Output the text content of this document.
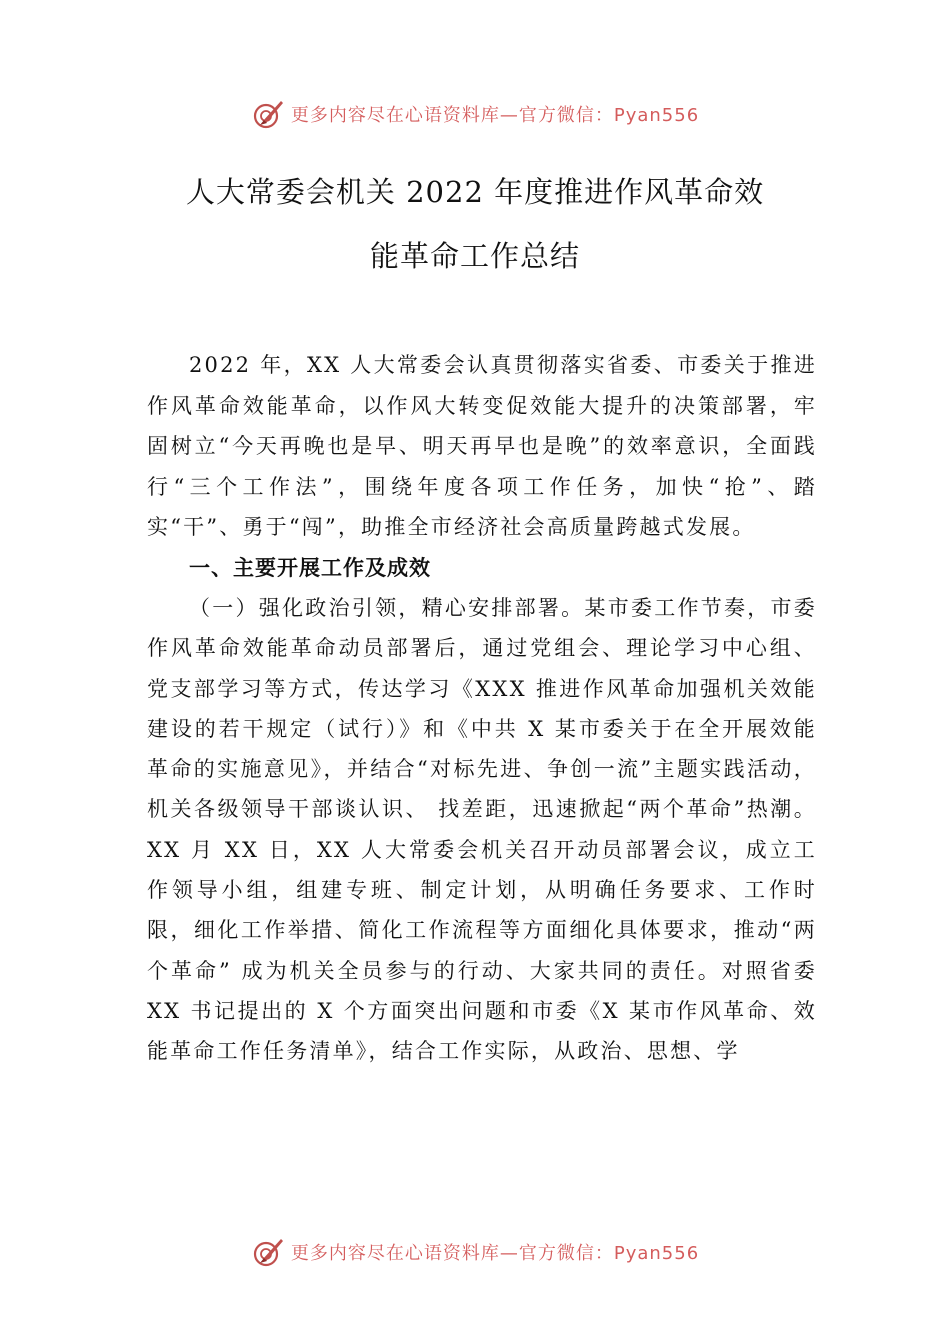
更多内容尽在心语资料库—官方微信：Pyan556
人大常委会机关 2022 年度推进作风革命效
能革命工作总结

2022 年，XX 人大常委会认真贯彻落实省委、市委关于推进作风革命效能革命，以作风大转变促效能大提升的决策部署，牢固树立“今天再晚也是早、明天再早也是晚”的效率意识，全面践行“三个工作法”，围绕年度各项工作任务，加快“抢”、踏实“干”、勇于“闯”，助推全市经济社会高质量跨越式发展。

一、主要开展工作及成效

（一）强化政治引领，精心安排部署。某市委工作节奏，市委作风革命效能革命动员部署后，通过党组会、理论学习中心组、党支部学习等方式，传达学习《XXX 推进作风革命加强机关效能建设的若干规定（试行）》和《中共 X 某市委关于在全开展效能革命的实施意见》，并结合“对标先进、争创一流”主题实践活动，机关各级领导干部谈认识、 找差距，迅速掀起“两个革命”热潮。XX 月 XX 日，XX 人大常委会机关召开动员部署会议，成立工作领导小组，组建专班、制定计划，从明确任务要求、工作时限，细化工作举措、简化工作流程等方面细化具体要求，推动“两个革命” 成为机关全员参与的行动、大家共同的责任。对照省委 XX 书记提出的 X 个方面突出问题和市委《X 某市作风革命、效能革命工作任务清单》，结合工作实际，从政治、思想、学

更多内容尽在心语资料库—官方微信：Pyan556
